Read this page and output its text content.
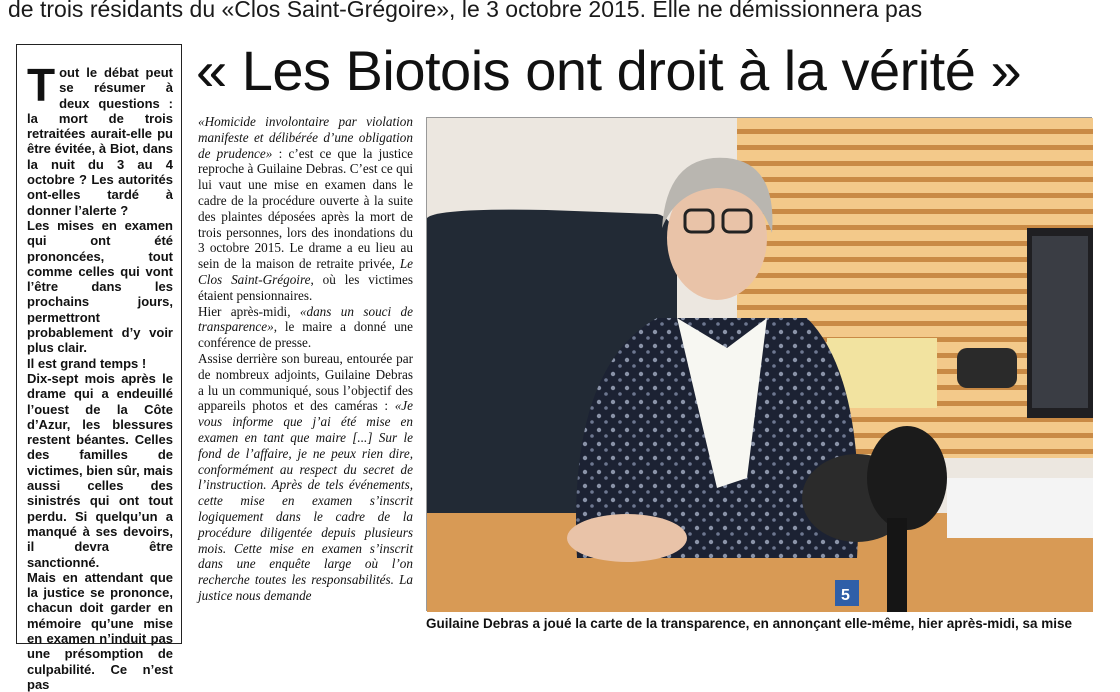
de trois résidants du «Clos Saint-Grégoire», le 3 octobre 2015. Elle ne démissionnera pas
« Les Biotois ont droit à la vérité »
T out le débat peut se résumer à deux questions : la mort de trois retraitées aurait-elle pu être évitée, à Biot, dans la nuit du 3 au 4 octobre ? Les autorités ont-elles tardé à donner l’alerte ?

Les mises en examen qui ont été prononcées, tout comme celles qui vont l’être dans les prochains jours, permettront probablement d’y voir plus clair.

Il est grand temps !

Dix-sept mois après le drame qui a endeuillé l’ouest de la Côte d’Azur, les blessures restent béantes. Celles des familles de victimes, bien sûr, mais aussi celles des sinistrés qui ont tout perdu. Si quelqu’un a manqué à ses devoirs, il devra être sanctionné.

Mais en attendant que la justice se prononce, chacun doit garder en mémoire qu’une mise en examen n’induit pas une présomption de culpabilité. Ce n’est pas

«Homicide involontaire par violation manifeste et délibérée d’une obligation de prudence» : c’est ce que la justice reproche à Guilaine Debras. C’est ce qui lui vaut une mise en examen dans le cadre de la procédure ouverte à la suite des plaintes déposées après la mort de trois personnes, lors des inondations du 3 octobre 2015. Le drame a eu lieu au sein de la maison de retraite privée, Le Clos Saint-Grégoire, où les victimes étaient pensionnaires.

Hier après-midi, «dans un souci de transparence», le maire a donné une conférence de presse.

Assise derrière son bureau, entourée par de nombreux adjoints, Guilaine Debras a lu un communiqué, sous l’objectif des appareils photos et des caméras : «Je vous informe que j’ai été mise en examen en tant que maire [...] Sur le fond de l’affaire, je ne peux rien dire, conformément au respect du secret de l’instruction. Après de tels événements, cette mise en examen s’inscrit logiquement dans le cadre de la procédure diligentée depuis plusieurs mois. Cette mise en examen s’inscrit dans une enquête large où l’on recherche toutes les responsabilités. La justice nous demande	5
Guilaine Debras a joué la carte de la transparence, en annonçant elle-même, hier après-midi, sa mise
